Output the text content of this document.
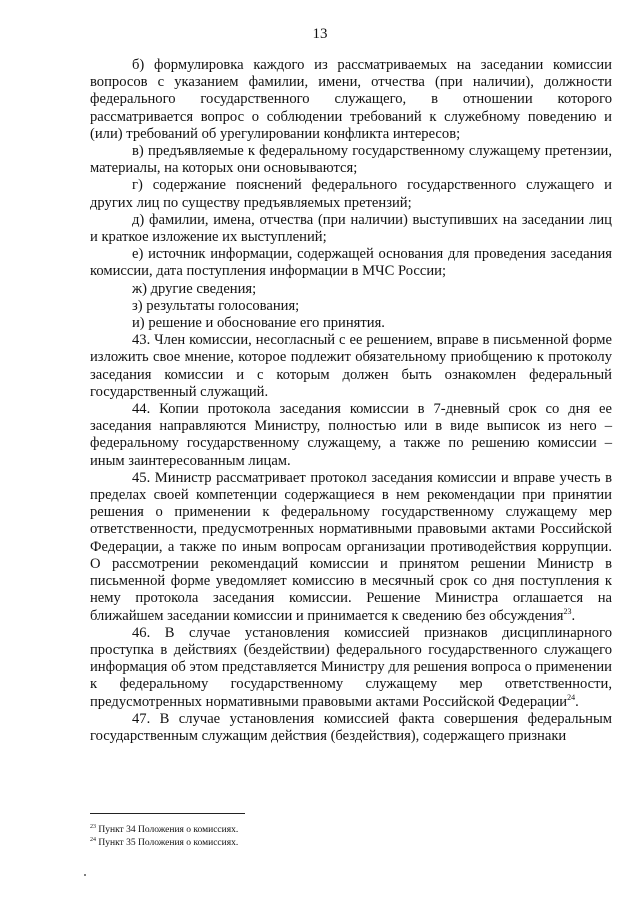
13

б) формулировка каждого из рассматриваемых на заседании комиссии вопросов с указанием фамилии, имени, отчества (при наличии), должности федерального государственного служащего, в отношении которого рассматривается вопрос о соблюдении требований к служебному поведению и (или) требований об урегулировании конфликта интересов;

в) предъявляемые к федеральному государственному служащему претензии, материалы, на которых они основываются;

г) содержание пояснений федерального государственного служащего и других лиц по существу предъявляемых претензий;

д) фамилии, имена, отчества (при наличии) выступивших на заседании лиц и краткое изложение их выступлений;

е) источник информации, содержащей основания для проведения заседания комиссии, дата поступления информации в МЧС России;

ж) другие сведения;

з) результаты голосования;

и) решение и обоснование его принятия.

43. Член комиссии, несогласный с ее решением, вправе в письменной форме изложить свое мнение, которое подлежит обязательному приобщению к протоколу заседания комиссии и с которым должен быть ознакомлен федеральный государственный служащий.

44. Копии протокола заседания комиссии в 7-дневный срок со дня ее заседания направляются Министру, полностью или в виде выписок из него – федеральному государственному служащему, а также по решению комиссии – иным заинтересованным лицам.

45. Министр рассматривает протокол заседания комиссии и вправе учесть в пределах своей компетенции содержащиеся в нем рекомендации при принятии решения о применении к федеральному государственному служащему мер ответственности, предусмотренных нормативными правовыми актами Российской Федерации, а также по иным вопросам организации противодействия коррупции. О рассмотрении рекомендаций комиссии и принятом решении Министр в письменной форме уведомляет комиссию в месячный срок со дня поступления к нему протокола заседания комиссии. Решение Министра оглашается на ближайшем заседании комиссии и принимается к сведению без обсуждения$^{23}$.

46. В случае установления комиссией признаков дисциплинарного проступка в действиях (бездействии) федерального государственного служащего информация об этом представляется Министру для решения вопроса о применении к федеральному государственному служащему мер ответственности, предусмотренных нормативными правовыми актами Российской Федерации$^{24}$.

47. В случае установления комиссией факта совершения федеральным государственным служащим действия (бездействия), содержащего признаки

$^{23}$ Пункт 34 Положения о комиссиях.
$^{24}$ Пункт 35 Положения о комиссиях.
